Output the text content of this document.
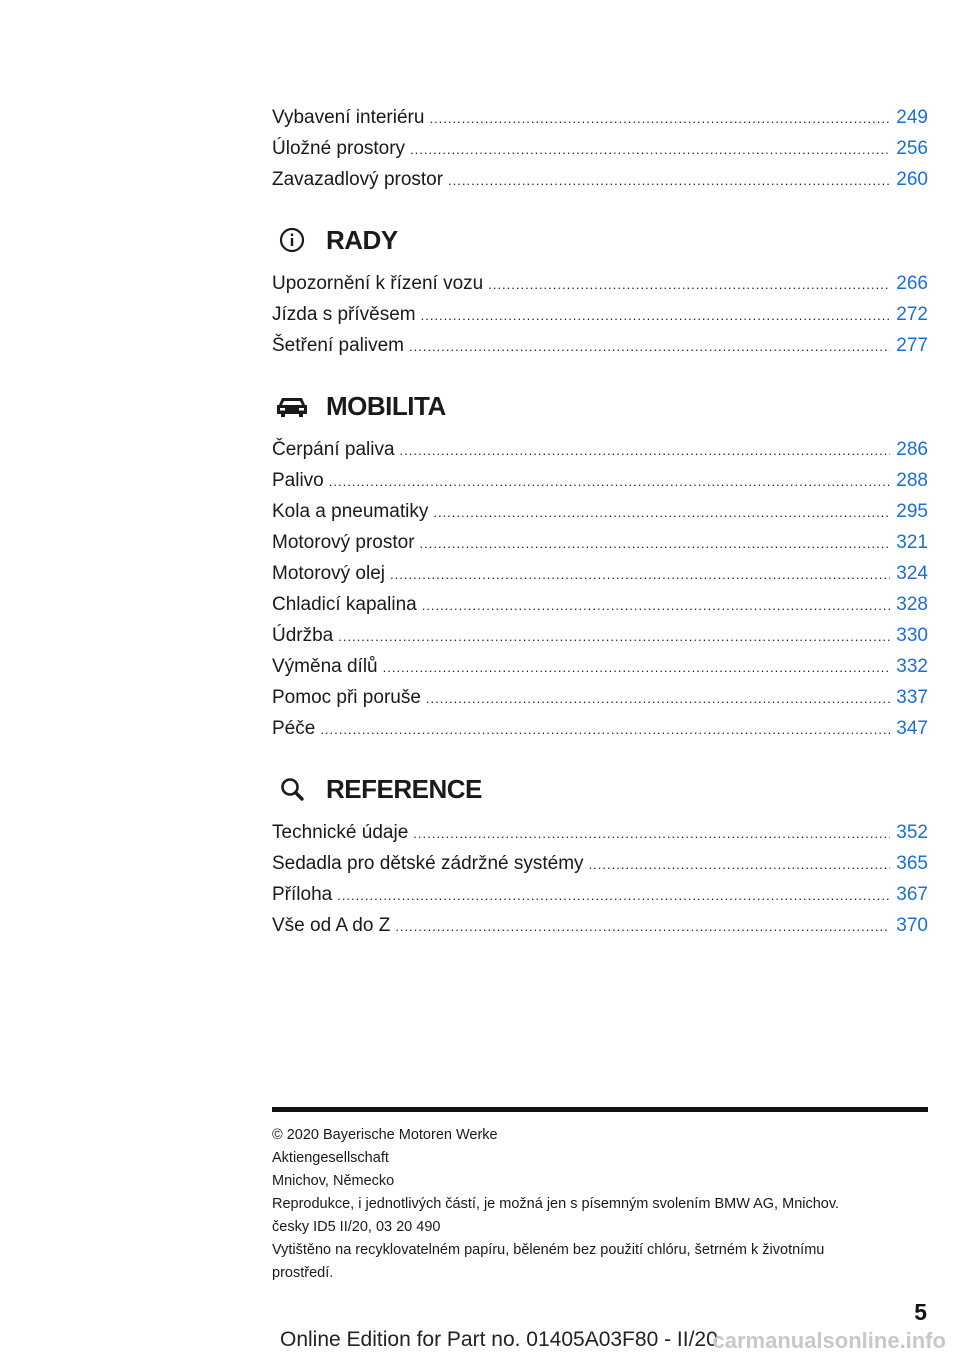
Vybavení interiéru .....	249
Úložné prostory .....	256
Zavazadlový prostor .....	260
RADY
Upozornění k řízení vozu .....	266
Jízda s přívěsem .....	272
Šetření palivem .....	277
MOBILITA
Čerpání paliva .....	286
Palivo .....	288
Kola a pneumatiky .....	295
Motorový prostor .....	321
Motorový olej .....	324
Chladicí kapalina .....	328
Údržba .....	330
Výměna dílů .....	332
Pomoc při poruše .....	337
Péče .....	347
REFERENCE
Technické údaje .....	352
Sedadla pro dětské zádržné systémy .....	365
Příloha .....	367
Vše od A do Z .....	370
© 2020 Bayerische Motoren Werke
Aktiengesellschaft
Mnichov, Německo
Reprodukce, i jednotlivých částí, je možná jen s písemným svolením BMW AG, Mnichov.
česky ID5 II/20, 03 20 490
Vytištěno na recyklovatelném papíru, běleném bez použití chlóru, šetrném k životnímu
prostředí.
5
Online Edition for Part no. 01405A03F80 - II/20
carmanualsonline.info
